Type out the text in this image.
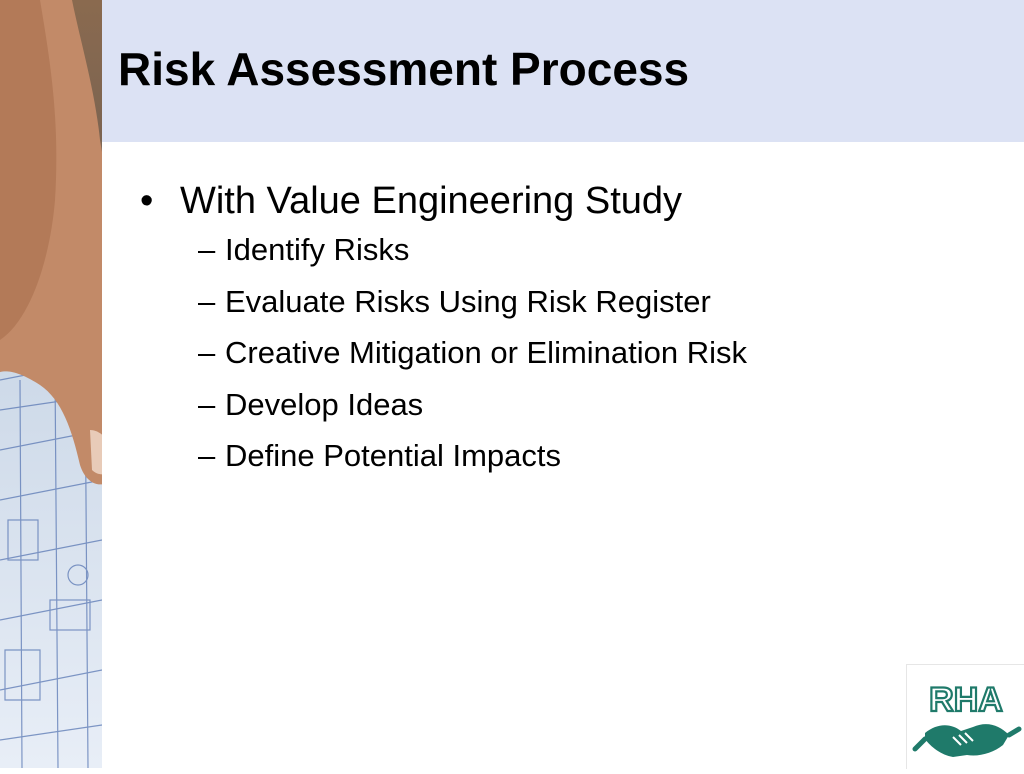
Risk Assessment Process
• With Value Engineering Study
– Identify Risks
– Evaluate Risks Using Risk Register
– Creative Mitigation or Elimination Risk
– Develop Ideas
– Define Potential Impacts
RHA
